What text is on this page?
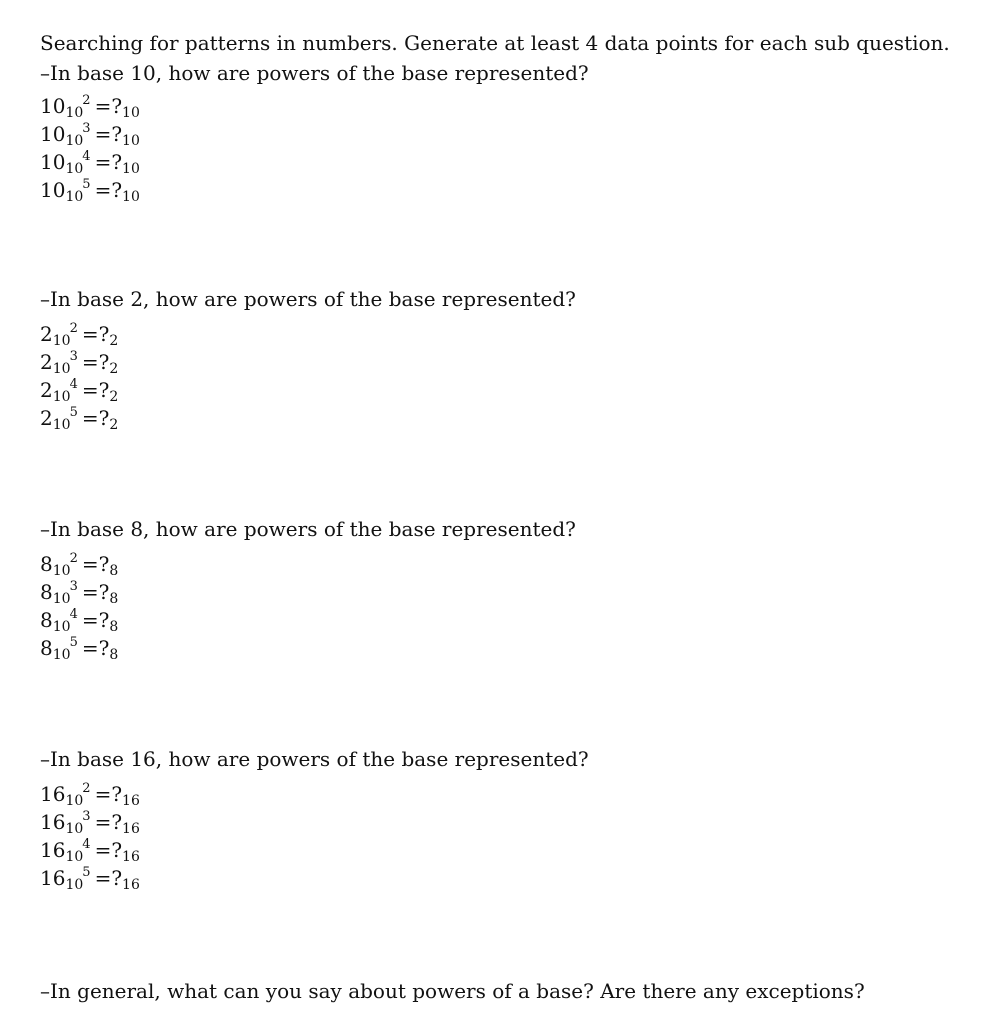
Searching for patterns in numbers. Generate at least 4 data points for each sub question.
–In base 10, how are powers of the base represented?
$10_{10}^2$ $=?_{10}$
$10_{10}^3$ $=?_{10}$
$10_{10}^4$ $=?_{10}$
$10_{10}^5$ $=?_{10}$
–In base 2, how are powers of the base represented?
$2_{10}^2$ $=?_2$
$2_{10}^3$ $=?_2$
$2_{10}^4$ $=?_2$
$2_{10}^5$ $=?_2$
–In base 8, how are powers of the base represented?
$8_{10}^2$ $=?_8$
$8_{10}^3$ $=?_8$
$8_{10}^4$ $=?_8$
$8_{10}^5$ $=?_8$
–In base 16, how are powers of the base represented?
$16_{10}^2$ $=?_{16}$
$16_{10}^3$ $=?_{16}$
$16_{10}^4$ $=?_{16}$
$16_{10}^5$ $=?_{16}$
–In general, what can you say about powers of a base? Are there any exceptions?
